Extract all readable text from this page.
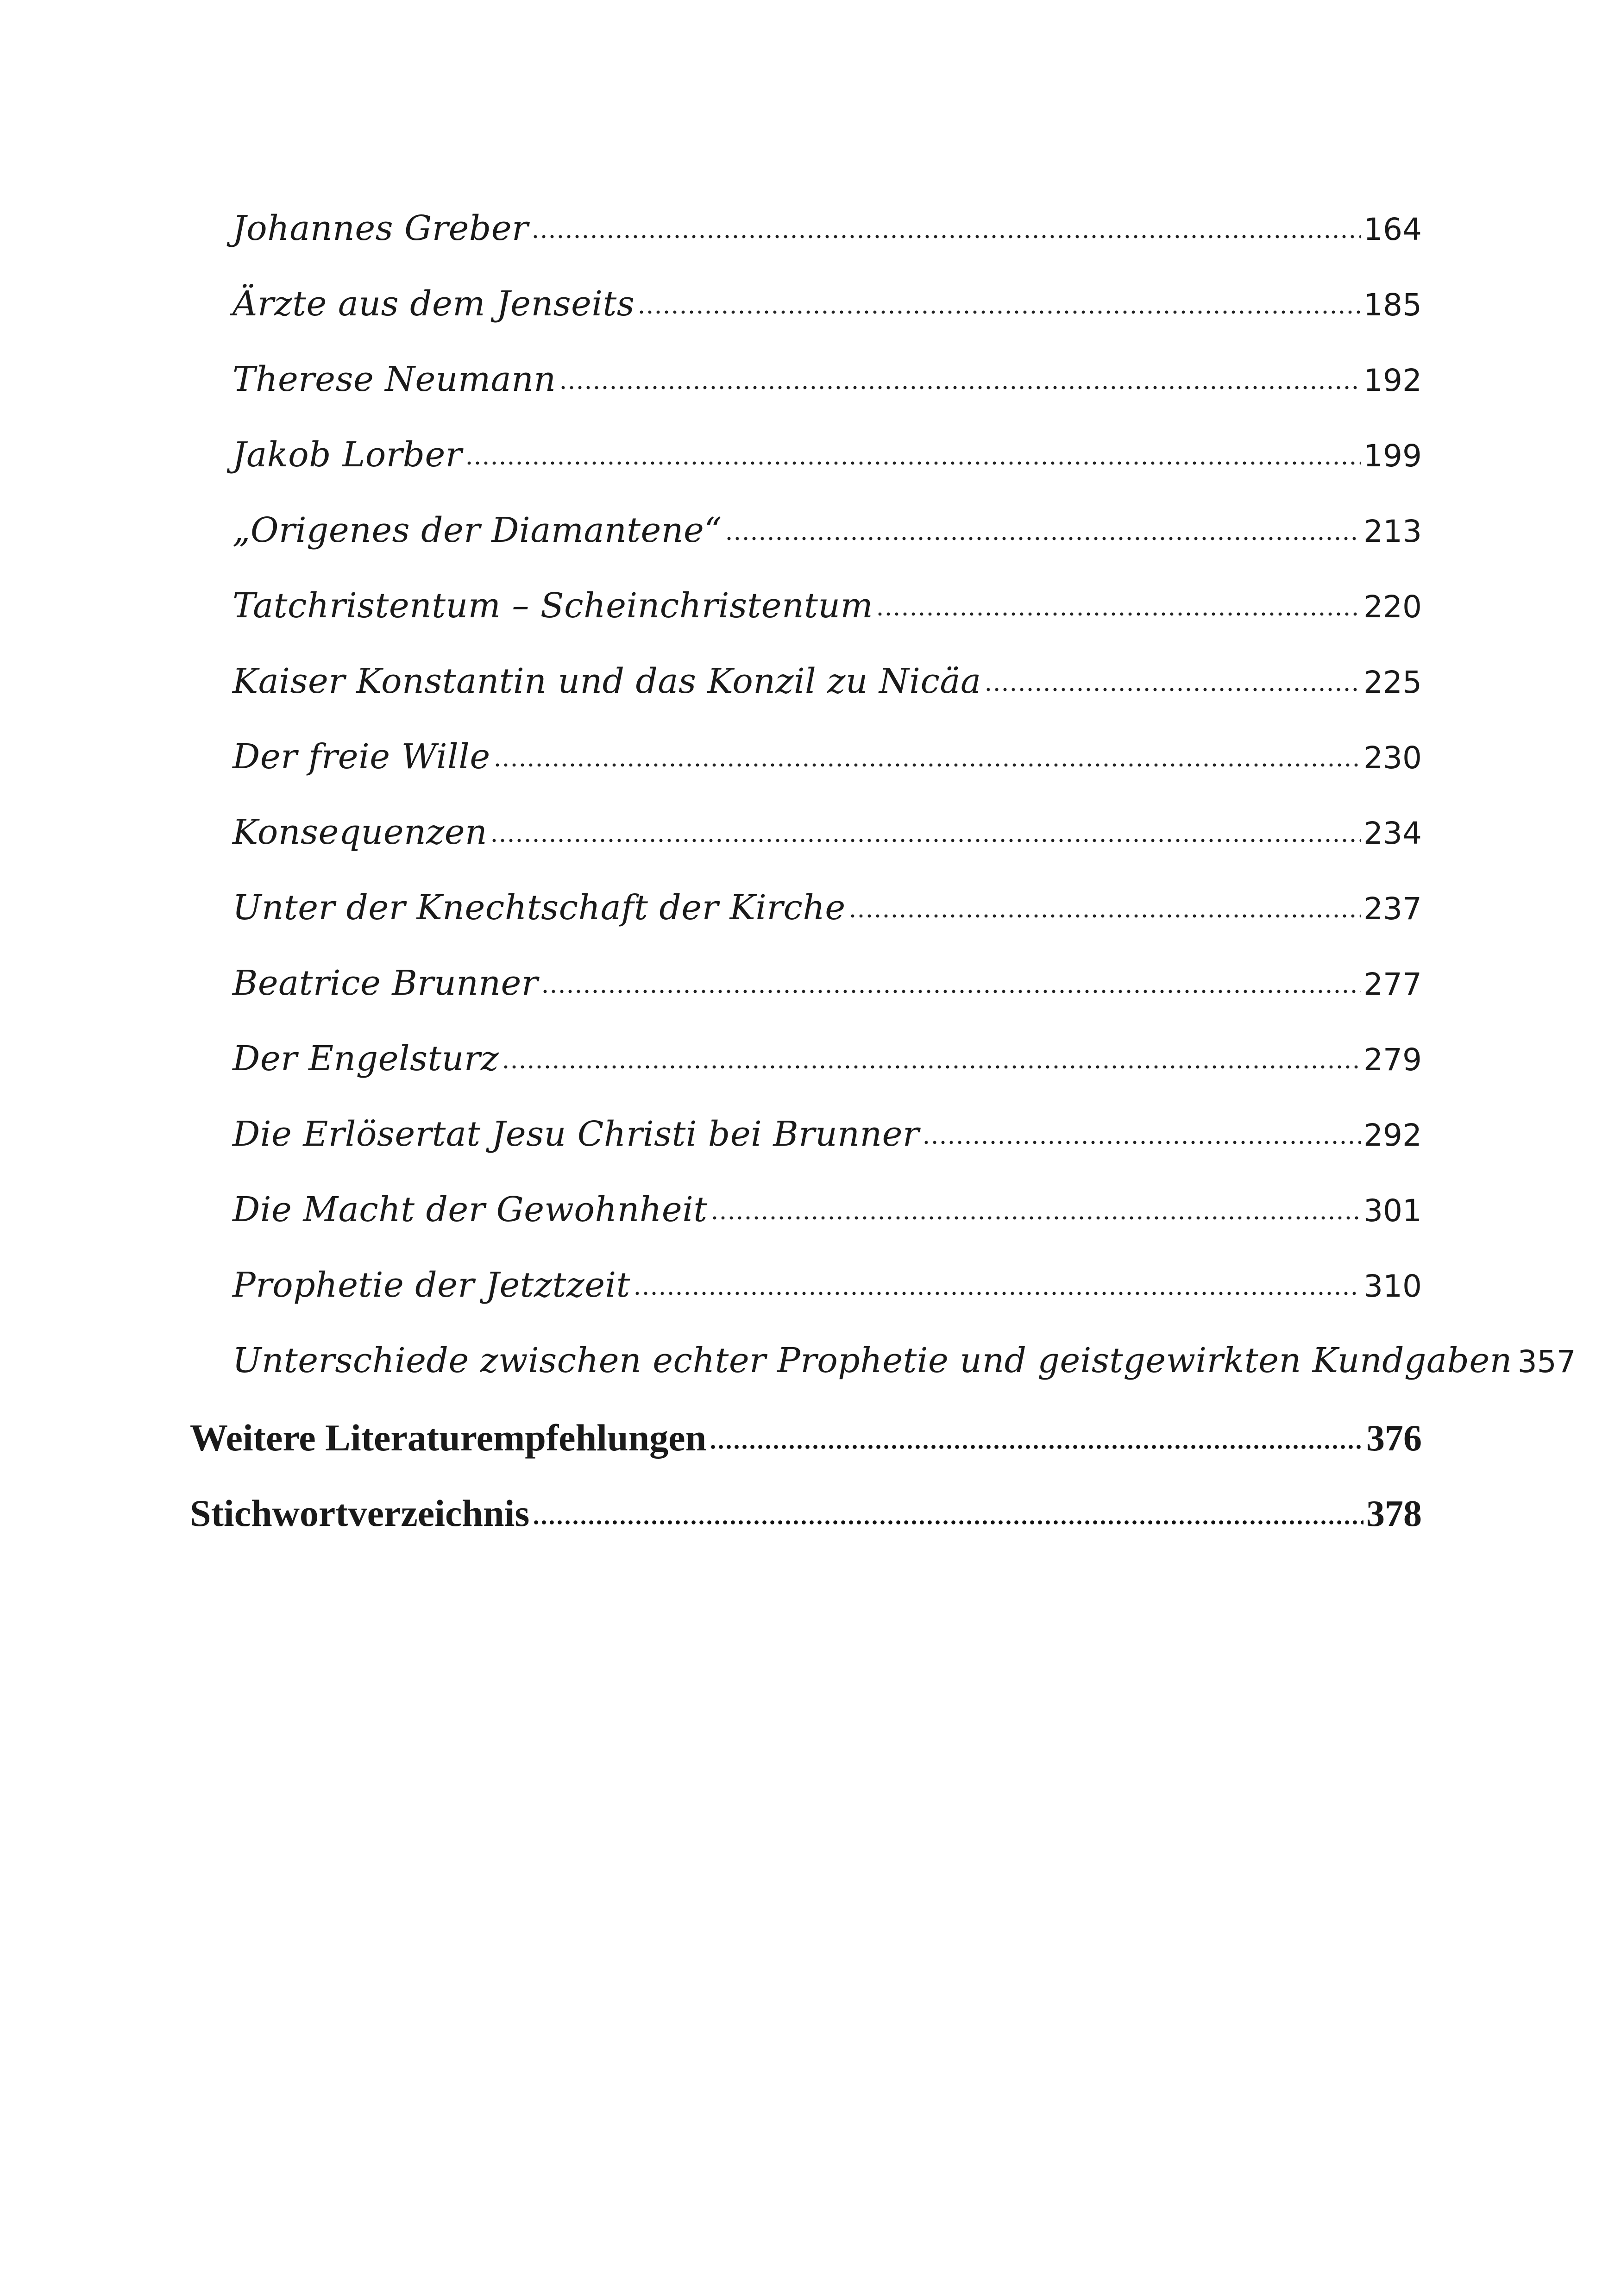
Johannes Greber	164
Ärzte aus dem Jenseits	185
Therese Neumann	192
Jakob Lorber	199
„Origenes der Diamantene“	213
Tatchristentum – Scheinchristentum	220
Kaiser Konstantin und das Konzil zu Nicäa	225
Der freie Wille	230
Konsequenzen	234
Unter der Knechtschaft der Kirche	237
Beatrice Brunner	277
Der Engelsturz	279
Die Erlösertat Jesu Christi bei Brunner	292
Die Macht der Gewohnheit	301
Prophetie der Jetztzeit	310
Unterschiede zwischen echter Prophetie und geistgewirkten Kundgaben 357
Weitere Literaturempfehlungen	376
Stichwortverzeichnis	378
